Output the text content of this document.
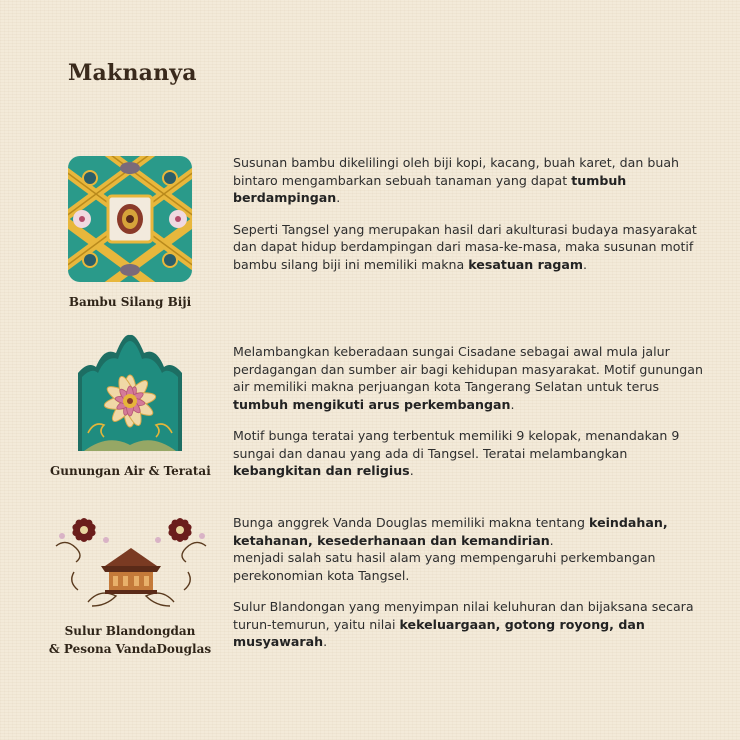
Maknanya
Bambu Silang Biji

Susunan bambu dikelilingi oleh biji kopi, kacang, buah karet, dan buah bintaro mengambarkan sebuah tanaman yang dapat tumbuh berdampingan.

Seperti Tangsel yang merupakan hasil dari akulturasi budaya masyarakat dan dapat hidup berdampingan dari masa-ke-masa, maka susunan motif bambu silang biji ini memiliki makna kesatuan ragam.

Gunungan Air & Teratai

Melambangkan keberadaan sungai Cisadane sebagai awal mula jalur perdagangan dan sumber air bagi kehidupan masyarakat. Motif gunungan air memiliki makna perjuangan kota Tangerang Selatan untuk terus tumbuh mengikuti arus perkembangan.

Motif bunga teratai yang terbentuk memiliki 9 kelopak, menandakan 9 sungai dan danau yang ada di Tangsel. Teratai melambangkan kebangkitan dan religius.

Sulur Blandongdan
& Pesona VandaDouglas

Bunga anggrek Vanda Douglas memiliki makna tentang keindahan, ketahanan, kesederhanaan dan kemandirian.
menjadi salah satu hasil alam yang mempengaruhi perkembangan perekonomian kota Tangsel.

Sulur Blandongan yang menyimpan nilai keluhuran dan bijaksana secara turun-temurun, yaitu nilai kekeluargaan, gotong royong, dan musyawarah.
